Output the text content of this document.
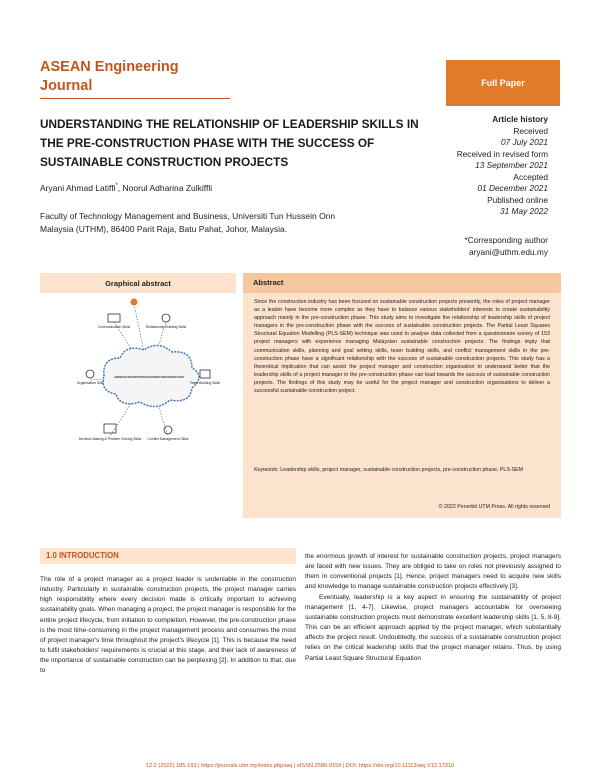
ASEAN Engineering
Journal	Full Paper
UNDERSTANDING THE RELATIONSHIP OF LEADERSHIP SKILLS IN THE PRE-CONSTRUCTION PHASE WITH THE SUCCESS OF SUSTAINABLE CONSTRUCTION PROJECTS
Aryani Ahmad Latiffi*, Noorul Adharina Zulkiffli
Faculty of Technology Management and Business, Universiti Tun Hussein Onn Malaysia (UTHM), 86400 Parit Raja, Batu Pahat, Johor, Malaysia.
Article history
Received
07 July 2021
Received in revised form
13 September 2021
Accepted
01 December 2021
Published online
31 May 2022
*Corresponding author
aryani@uthm.edu.my
Graphical abstract
LEADERSHIP SKILLS IN PRE-CONSTRUCTION PHASE FOR SUSTAINABLE CONSTRUCTION PROJECT SUCCESS
Communication Skills	Relationship Building Skills
Organisation Skill	Team Building Skills
Conflict Management Skills
Decision Making & Problem Solving Skills
Abstract
Since the construction industry has been focused on sustainable construction projects presently, the roles of project manager as a leader have become more complex as they have to balance various stakeholders' interests to create sustainability approach mainly in the pre-construction phase. This study aims to investigate the relationship of leadership skills of project managers in the pre-construction phase with the success of sustainable construction projects. The Partial Least Squares Structural Equation Modelling (PLS-SEM) technique was used to analyse data collected from a questionnaire survey of 153 project managers with experience managing Malaysian sustainable construction projects. The findings imply that communication skills, planning and goal setting skills, team building skills, and conflict management skills in the pre-construction phase have a significant relationship with the success of sustainable construction projects. This study has a theoretical implication that can assist the project manager and construction organisation to understand better that the leadership skills of a project manager in the pre-construction phase can lead towards the success of sustainable construction projects. The findings of this study may be useful for the project manager and construction organisations to deliver a successful sustainable construction project.
Keywords: Leadership skills, project manager, sustainable construction projects, pre-construction phase, PLS-SEM
© 2022 Penerbit UTM Press. All rights reserved
1.0 INTRODUCTION

The role of a project manager as a project leader is undeniable in the construction industry. Particularly in sustainable construction projects, the project manager carries high responsibility where every decision made is critically important to achieving sustainability goals. When managing a project, the project manager is responsible for the entire project lifecycle, from initiation to completion. However, the pre-construction phase is the most time-consuming in the project management process and consumes the most of project manager's time throughout the project's lifecycle [1]. This is because the need to fulfil stakeholders' requirements is crucial at this stage, and their lack of awareness of the importance of sustainable construction can be perplexing [2]. In addition to that, due to

the enormous growth of interest for sustainable construction projects, project managers are faced with new issues. They are obliged to take on roles not previously assigned to them in conventional projects [1]. Hence, project managers need to acquire new skills and knowledge to manage sustainable construction projects effectively [3].

Eventually, leadership is a key aspect in ensuring the sustainability of project management [1, 4-7]. Likewise, project managers accountable for overseeing sustainable construction projects must demonstrate excellent leadership skills [1, 5, 8-9]. This can be an efficient approach applied by the project manager, which substantially affects the project result. Undoubtedly, the success of a sustainable construction project relies on the critical leadership skills that the project manager retains. Thus, by using Partial Least Square Structural Equation

12:2 (2022) 185-193 | https://journals.utm.my/index.php/aej | eISSN 2586-9159 | DOI: https://doi.org/10.11113/aej.V12.17310
